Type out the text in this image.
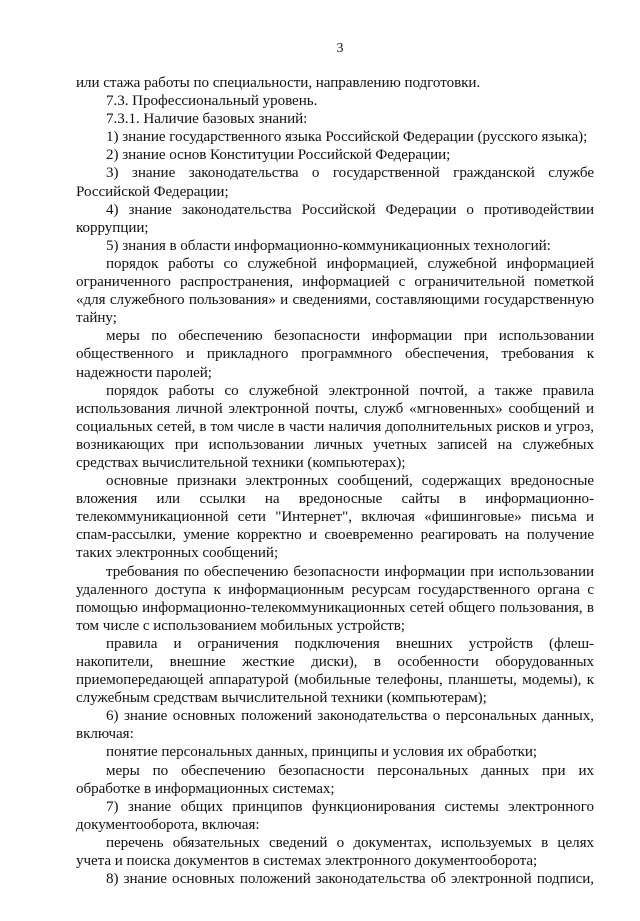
3

или стажа работы по специальности, направлению подготовки.

7.3. Профессиональный уровень.

7.3.1. Наличие базовых знаний:

1) знание государственного языка Российской Федерации (русского языка);

2) знание основ Конституции Российской Федерации;

3) знание законодательства о государственной гражданской службе Российской Федерации;

4) знание законодательства Российской Федерации о противодействии коррупции;

5) знания в области информационно-коммуникационных технологий:

порядок работы со служебной информацией, служебной информацией ограниченного распространения, информацией с ограничительной пометкой «для служебного пользования» и сведениями, составляющими государственную тайну;

меры по обеспечению безопасности информации при использовании общественного и прикладного программного обеспечения, требования к надежности паролей;

порядок работы со служебной электронной почтой, а также правила использования личной электронной почты, служб «мгновенных» сообщений и социальных сетей, в том числе в части наличия дополнительных рисков и угроз, возникающих при использовании личных учетных записей на служебных средствах вычислительной техники (компьютерах);

основные признаки электронных сообщений, содержащих вредоносные вложения или ссылки на вредоносные сайты в информационно-телекоммуникационной сети "Интернет", включая «фишинговые» письма и спам-рассылки, умение корректно и своевременно реагировать на получение таких электронных сообщений;

требования по обеспечению безопасности информации при использовании удаленного доступа к информационным ресурсам государственного органа с помощью информационно-телекоммуникационных сетей общего пользования, в том числе с использованием мобильных устройств;

правила и ограничения подключения внешних устройств (флеш-накопители, внешние жесткие диски), в особенности оборудованных приемопередающей аппаратурой (мобильные телефоны, планшеты, модемы), к служебным средствам вычислительной техники (компьютерам);

6) знание основных положений законодательства о персональных данных, включая:

понятие персональных данных, принципы и условия их обработки;

меры по обеспечению безопасности персональных данных при их обработке в информационных системах;

7) знание общих принципов функционирования системы электронного документооборота, включая:

перечень обязательных сведений о документах, используемых в целях учета и поиска документов в системах электронного документооборота;

8) знание основных положений законодательства об электронной подписи,
